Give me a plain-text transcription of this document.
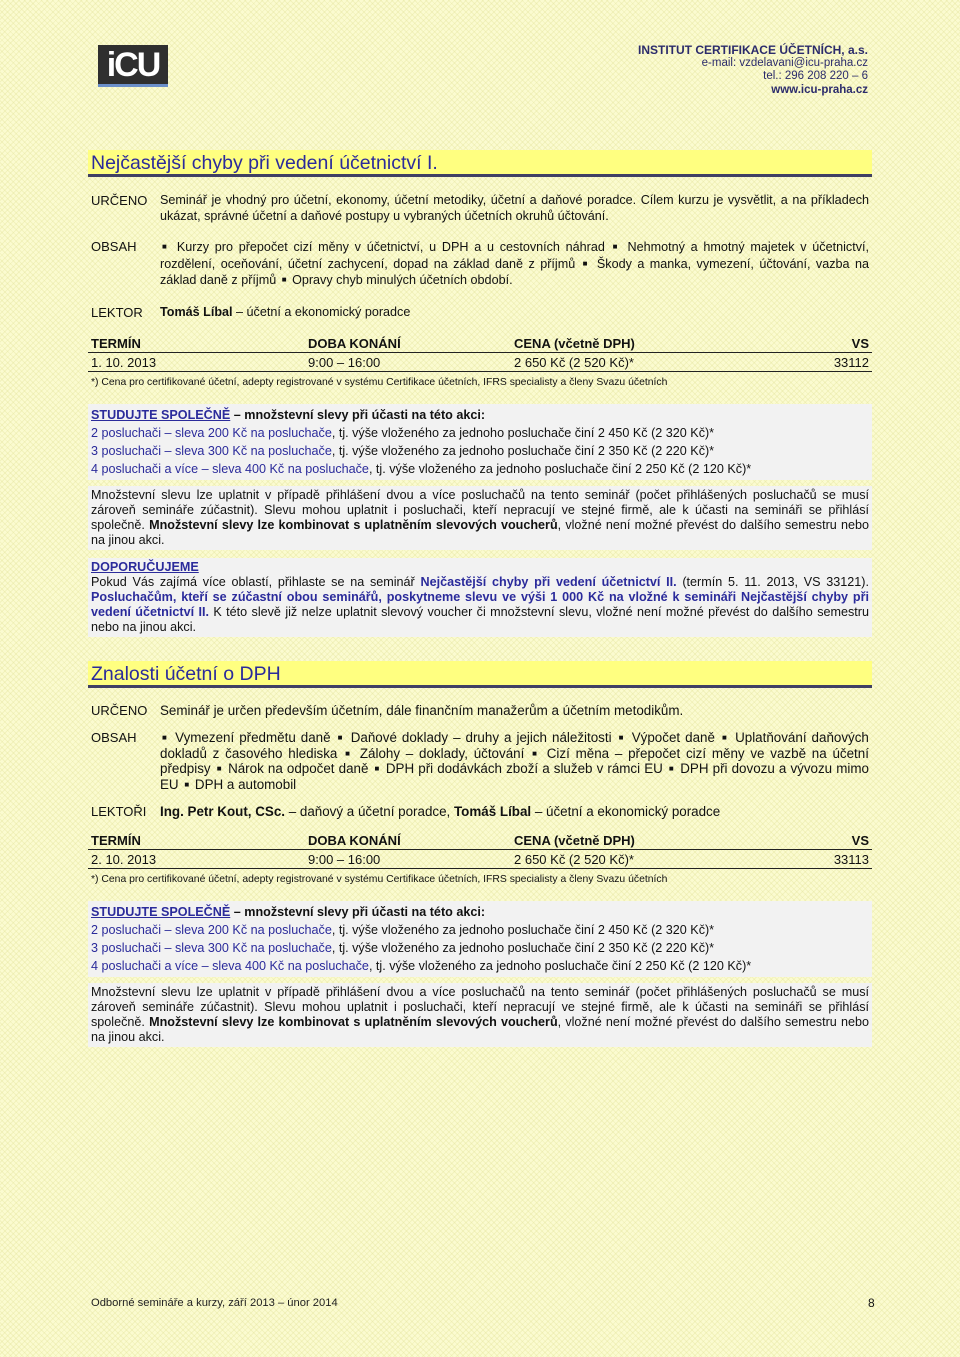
iCU	INSTITUT CERTIFIKACE ÚČETNÍCH, a.s.
e-mail: vzdelavani@icu-praha.cz
tel.: 296 208 220 – 6
www.icu-praha.cz
Nejčastější chyby při vedení účetnictví I.
URČENO	Seminář je vhodný pro účetní, ekonomy, účetní metodiky, účetní a daňové poradce. Cílem kurzu je vysvětlit, a na příkladech ukázat, správné účetní a daňové postupy u vybraných účetních okruhů účtování.
OBSAH	■ Kurzy pro přepočet cizí měny v účetnictví, u DPH a u cestovních náhrad ■ Nehmotný a hmotný majetek v účetnictví, rozdělení, oceňování, účetní zachycení, dopad na základ daně z příjmů ■ Škody a manka, vymezení, účtování, vazba na základ daně z příjmů ■ Opravy chyb minulých účetních období.
LEKTOR	Tomáš Líbal – účetní a ekonomický poradce
TERMÍN	DOBA KONÁNÍ	CENA (včetně DPH)	VS
1. 10. 2013	9:00 – 16:00	2 650 Kč (2 520 Kč)*	33112
*) Cena pro certifikované účetní, adepty registrované v systému Certifikace účetních, IFRS specialisty a členy Svazu účetních
STUDUJTE SPOLEČNĚ – množstevní slevy při účasti na této akci:
2 posluchači – sleva 200 Kč na posluchače, tj. výše vloženého za jednoho posluchače činí 2 450 Kč (2 320 Kč)*
3 posluchači – sleva 300 Kč na posluchače, tj. výše vloženého za jednoho posluchače činí 2 350 Kč (2 220 Kč)*
4 posluchači a více – sleva 400 Kč na posluchače, tj. výše vloženého za jednoho posluchače činí 2 250 Kč (2 120 Kč)*
Množstevní slevu lze uplatnit v případě přihlášení dvou a více posluchačů na tento seminář (počet přihlášených posluchačů se musí zároveň semináře zúčastnit). Slevu mohou uplatnit i posluchači, kteří nepracují ve stejné firmě, ale k účasti na semináři se přihlásí společně. Množstevní slevy lze kombinovat s uplatněním slevových voucherů, vložné není možné převést do dalšího semestru nebo na jinou akci.
DOPORUČUJEME
Pokud Vás zajímá více oblastí, přihlaste se na seminář Nejčastější chyby při vedení účetnictví II. (termín 5. 11. 2013, VS 33121). Posluchačům, kteří se zúčastní obou seminářů, poskytneme slevu ve výši 1 000 Kč na vložné k semináři Nejčastější chyby při vedení účetnictví II. K této slevě již nelze uplatnit slevový voucher či množstevní slevu, vložné není možné převést do dalšího semestru nebo na jinou akci.
Znalosti účetní o DPH
URČENO Seminář je určen především účetním, dále finančním manažerům a účetním metodikům.
OBSAH	■ Vymezení předmětu daně ■ Daňové doklady – druhy a jejich náležitosti ■ Výpočet daně ■ Uplatňování daňových dokladů z časového hlediska ■ Zálohy – doklady, účtování ■ Cizí měna – přepočet cizí měny ve vazbě na účetní předpisy ■ Nárok na odpočet daně ■ DPH při dodávkách zboží a služeb v rámci EU ■ DPH při dovozu a vývozu mimo EU ■ DPH a automobil
LEKTOŘI	Ing. Petr Kout, CSc. – daňový a účetní poradce, Tomáš Líbal – účetní a ekonomický poradce
TERMÍN	DOBA KONÁNÍ	CENA (včetně DPH)	VS
2. 10. 2013	9:00 – 16:00	2 650 Kč (2 520 Kč)*	33113
*) Cena pro certifikované účetní, adepty registrované v systému Certifikace účetních, IFRS specialisty a členy Svazu účetních
STUDUJTE SPOLEČNĚ – množstevní slevy při účasti na této akci:
2 posluchači – sleva 200 Kč na posluchače, tj. výše vloženého za jednoho posluchače činí 2 450 Kč (2 320 Kč)*
3 posluchači – sleva 300 Kč na posluchače, tj. výše vloženého za jednoho posluchače činí 2 350 Kč (2 220 Kč)*
4 posluchači a více – sleva 400 Kč na posluchače, tj. výše vloženého za jednoho posluchače činí 2 250 Kč (2 120 Kč)*
Množstevní slevu lze uplatnit v případě přihlášení dvou a více posluchačů na tento seminář (počet přihlášených posluchačů se musí zároveň semináře zúčastnit). Slevu mohou uplatnit i posluchači, kteří nepracují ve stejné firmě, ale k účasti na semináři se přihlásí společně. Množstevní slevy lze kombinovat s uplatněním slevových voucherů, vložné není možné převést do dalšího semestru nebo na jinou akci.
Odborné semináře a kurzy, září 2013 – únor 2014	8
